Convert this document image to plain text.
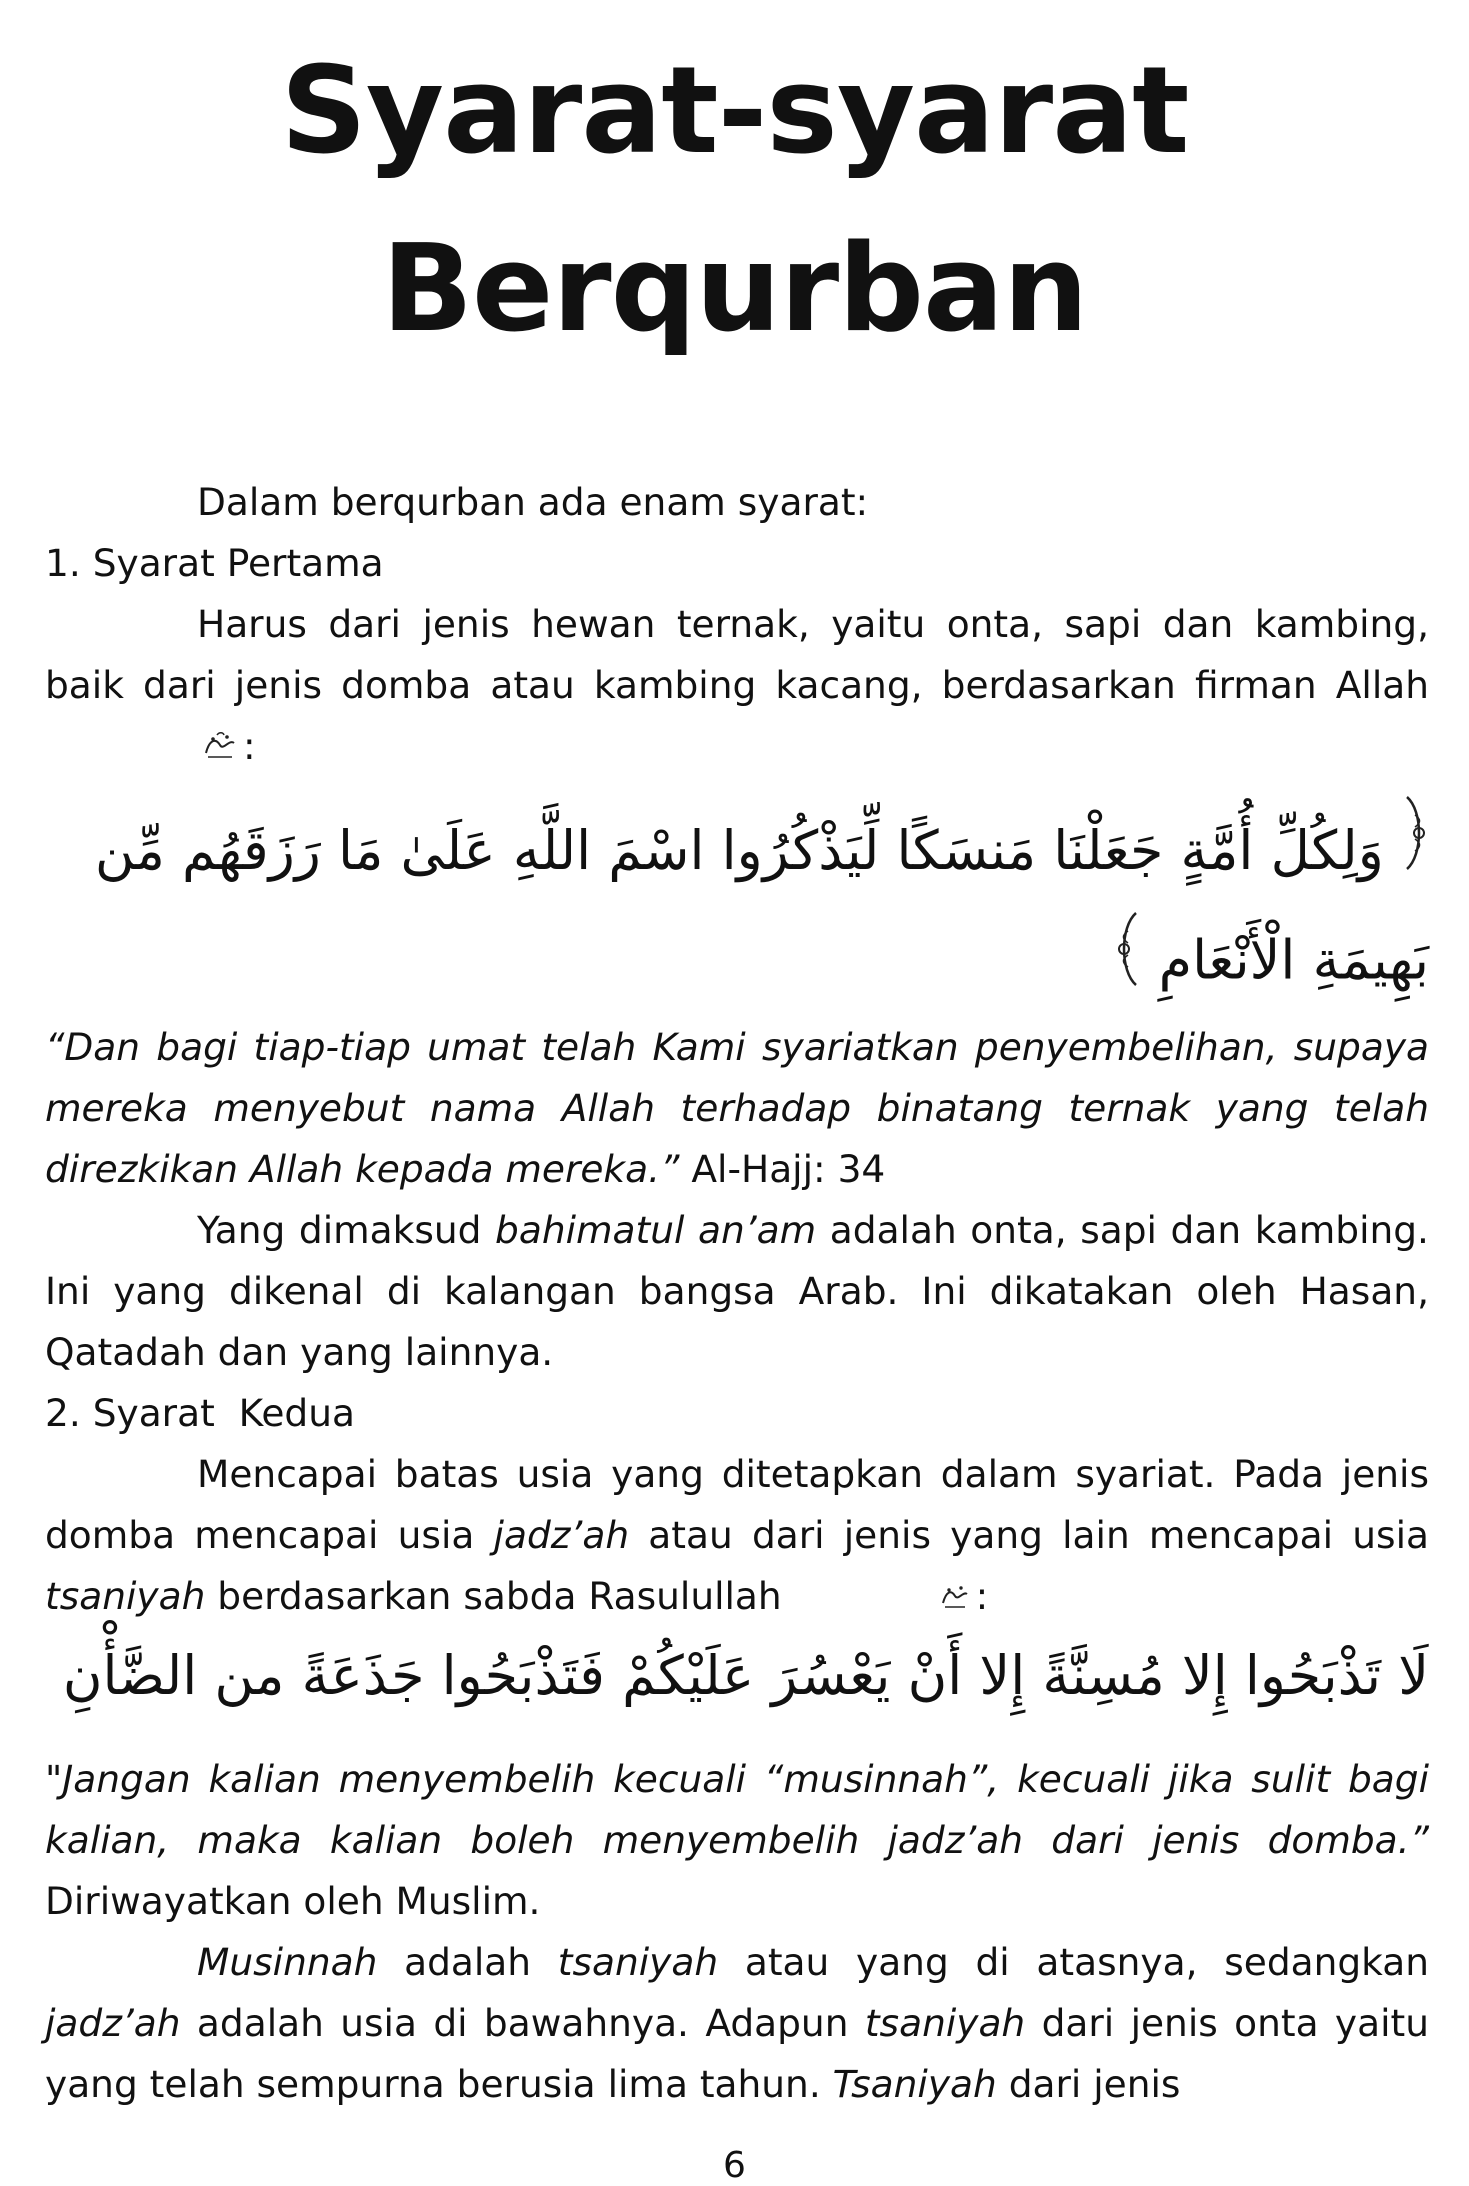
Syarat-syarat
Berqurban

Dalam berqurban ada enam syarat:

1. Syarat Pertama

Harus dari jenis hewan ternak, yaitu onta, sapi dan kambing, baik dari jenis domba atau kambing kacang, berdasarkan firman Allah:

وَلِكُلِّ أُمَّةٍ جَعَلْنَا مَنسَكًا لِّيَذْكُرُوا اسْمَ اللَّهِ عَلَىٰ مَا رَزَقَهُم مِّن
بَهِيمَةِ الْأَنْعَامِ

“Dan bagi tiap-tiap umat telah Kami syariatkan penyembelihan, supaya mereka menyebut nama Allah terhadap binatang ternak yang telah direzkikan Allah kepada mereka.” Al-Hajj: 34

Yang dimaksud bahimatul an’am adalah onta, sapi dan kambing. Ini yang dikenal di kalangan bangsa Arab. Ini dikatakan oleh Hasan, Qatadah dan yang lainnya.

2. Syarat  Kedua

Mencapai batas usia yang ditetapkan dalam syariat. Pada jenis domba mencapai usia jadz’ah atau dari jenis yang lain mencapai usia tsaniyah berdasarkan sabda Rasulullah	:

لَا تَذْبَحُوا إِلا مُسِنَّةً إِلا أَنْ يَعْسُرَ عَلَيْكُمْ فَتَذْبَحُوا جَذَعَةً من الضَّأْنِ

"Jangan kalian menyembelih kecuali “musinnah”, kecuali jika sulit bagi kalian, maka kalian boleh menyembelih jadz’ah dari jenis domba.” Diriwayatkan oleh Muslim.

Musinnah adalah tsaniyah atau yang di atasnya, sedangkan jadz’ah adalah usia di bawahnya. Adapun tsaniyah dari jenis onta yaitu yang telah sempurna berusia lima tahun. Tsaniyah dari jenis

6
